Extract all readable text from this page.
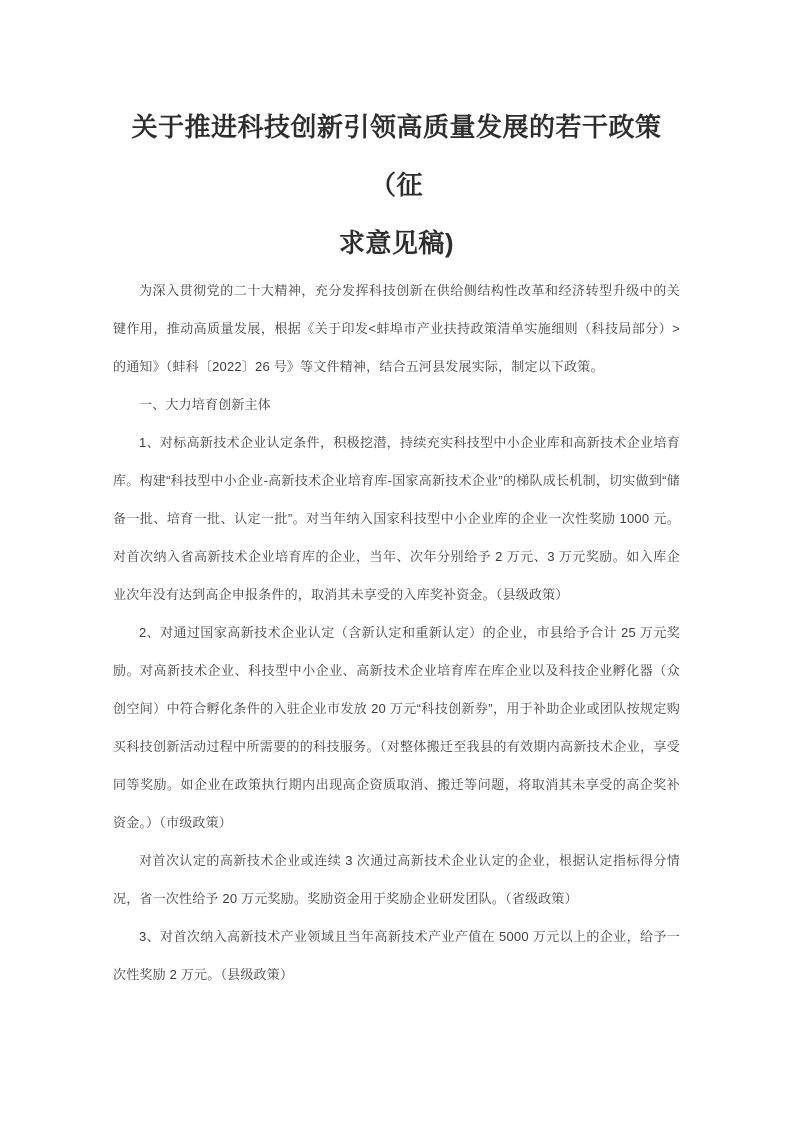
关于推进科技创新引领高质量发展的若干政策（征
求意见稿)

为深入贯彻党的二十大精神，充分发挥科技创新在供给侧结构性改革和经济转型升级中的关键作用，推动高质量发展，根据《关于印发<蚌埠市产业扶持政策清单实施细则（科技局部分）>的通知》（蚌科〔2022〕26 号》等文件精神，结合五河县发展实际，制定以下政策。

一、大力培育创新主体

1、对标高新技术企业认定条件，积极挖潜，持续充实科技型中小企业库和高新技术企业培育库。构建“科技型中小企业-高新技术企业培育库-国家高新技术企业”的梯队成长机制，切实做到“储备一批、培育一批、认定一批”。对当年纳入国家科技型中小企业库的企业一次性奖励 1000 元。对首次纳入省高新技术企业培育库的企业，当年、次年分别给予 2 万元、3 万元奖励。如入库企业次年没有达到高企申报条件的，取消其未享受的入库奖补资金。（县级政策）

2、对通过国家高新技术企业认定（含新认定和重新认定）的企业，市县给予合计 25 万元奖励。对高新技术企业、科技型中小企业、高新技术企业培育库在库企业以及科技企业孵化器（众创空间）中符合孵化条件的入驻企业市发放 20 万元“科技创新券”，用于补助企业或团队按规定购买科技创新活动过程中所需要的的科技服务。（对整体搬迁至我县的有效期内高新技术企业，享受同等奖励。如企业在政策执行期内出现高企资质取消、搬迁等问题，将取消其未享受的高企奖补资金。）（市级政策）

对首次认定的高新技术企业或连续 3 次通过高新技术企业认定的企业，根据认定指标得分情况，省一次性给予 20 万元奖励。奖励资金用于奖励企业研发团队。（省级政策）

3、对首次纳入高新技术产业领域且当年高新技术产业产值在 5000 万元以上的企业，给予一次性奖励 2 万元。（县级政策）
